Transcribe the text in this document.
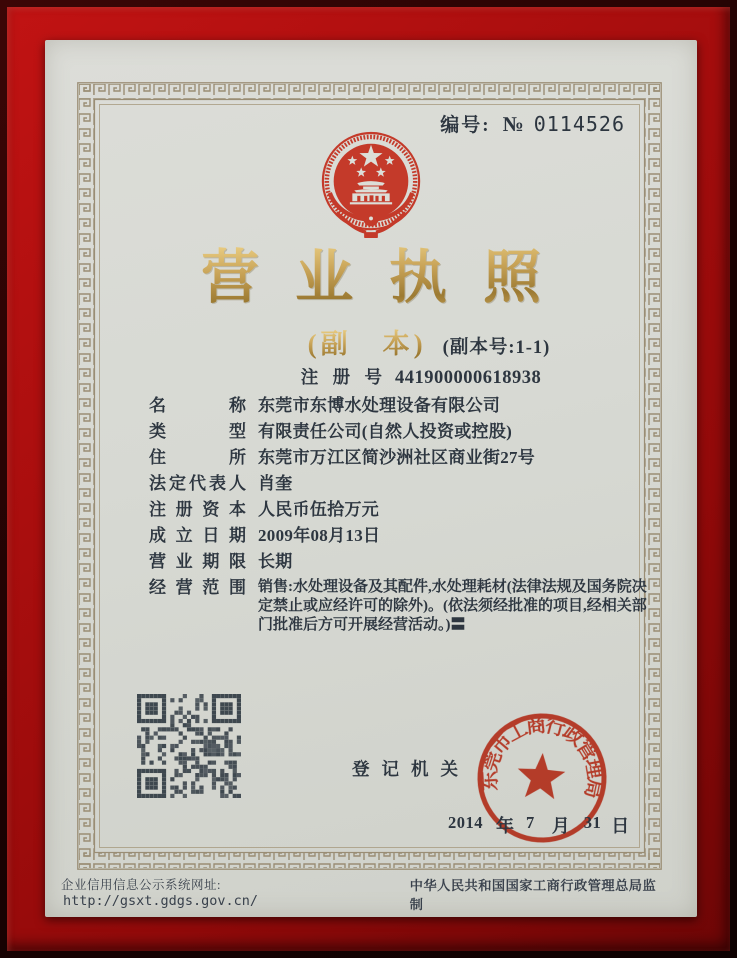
编号: № 0114526
营业执照
(副　本) (副本号:1-1)
注 册 号 441900000618938
名	称 东莞市东博水处理设备有限公司
类	型 有限责任公司(自然人投资或控股)
住	所 东莞市万江区简沙洲社区商业街27号
法 定 代 表 人 肖奎
注 册 资 本 人民币伍拾万元
成 立 日 期 2009年08月13日
营 业 期 限 长期
经 营 范 围 销售:水处理设备及其配件,水处理耗材(法律法规及国务院决定禁止或应经许可的除外)。(依法须经批准的项目,经相关部门批准后方可开展经营活动。)〓
登记机关
东莞市工商行政管理局
2014 年 7 月 31 日
企业信用信息公示系统网址: http://gsxt.gdgs.gov.cn/
中华人民共和国国家工商行政管理总局监制
